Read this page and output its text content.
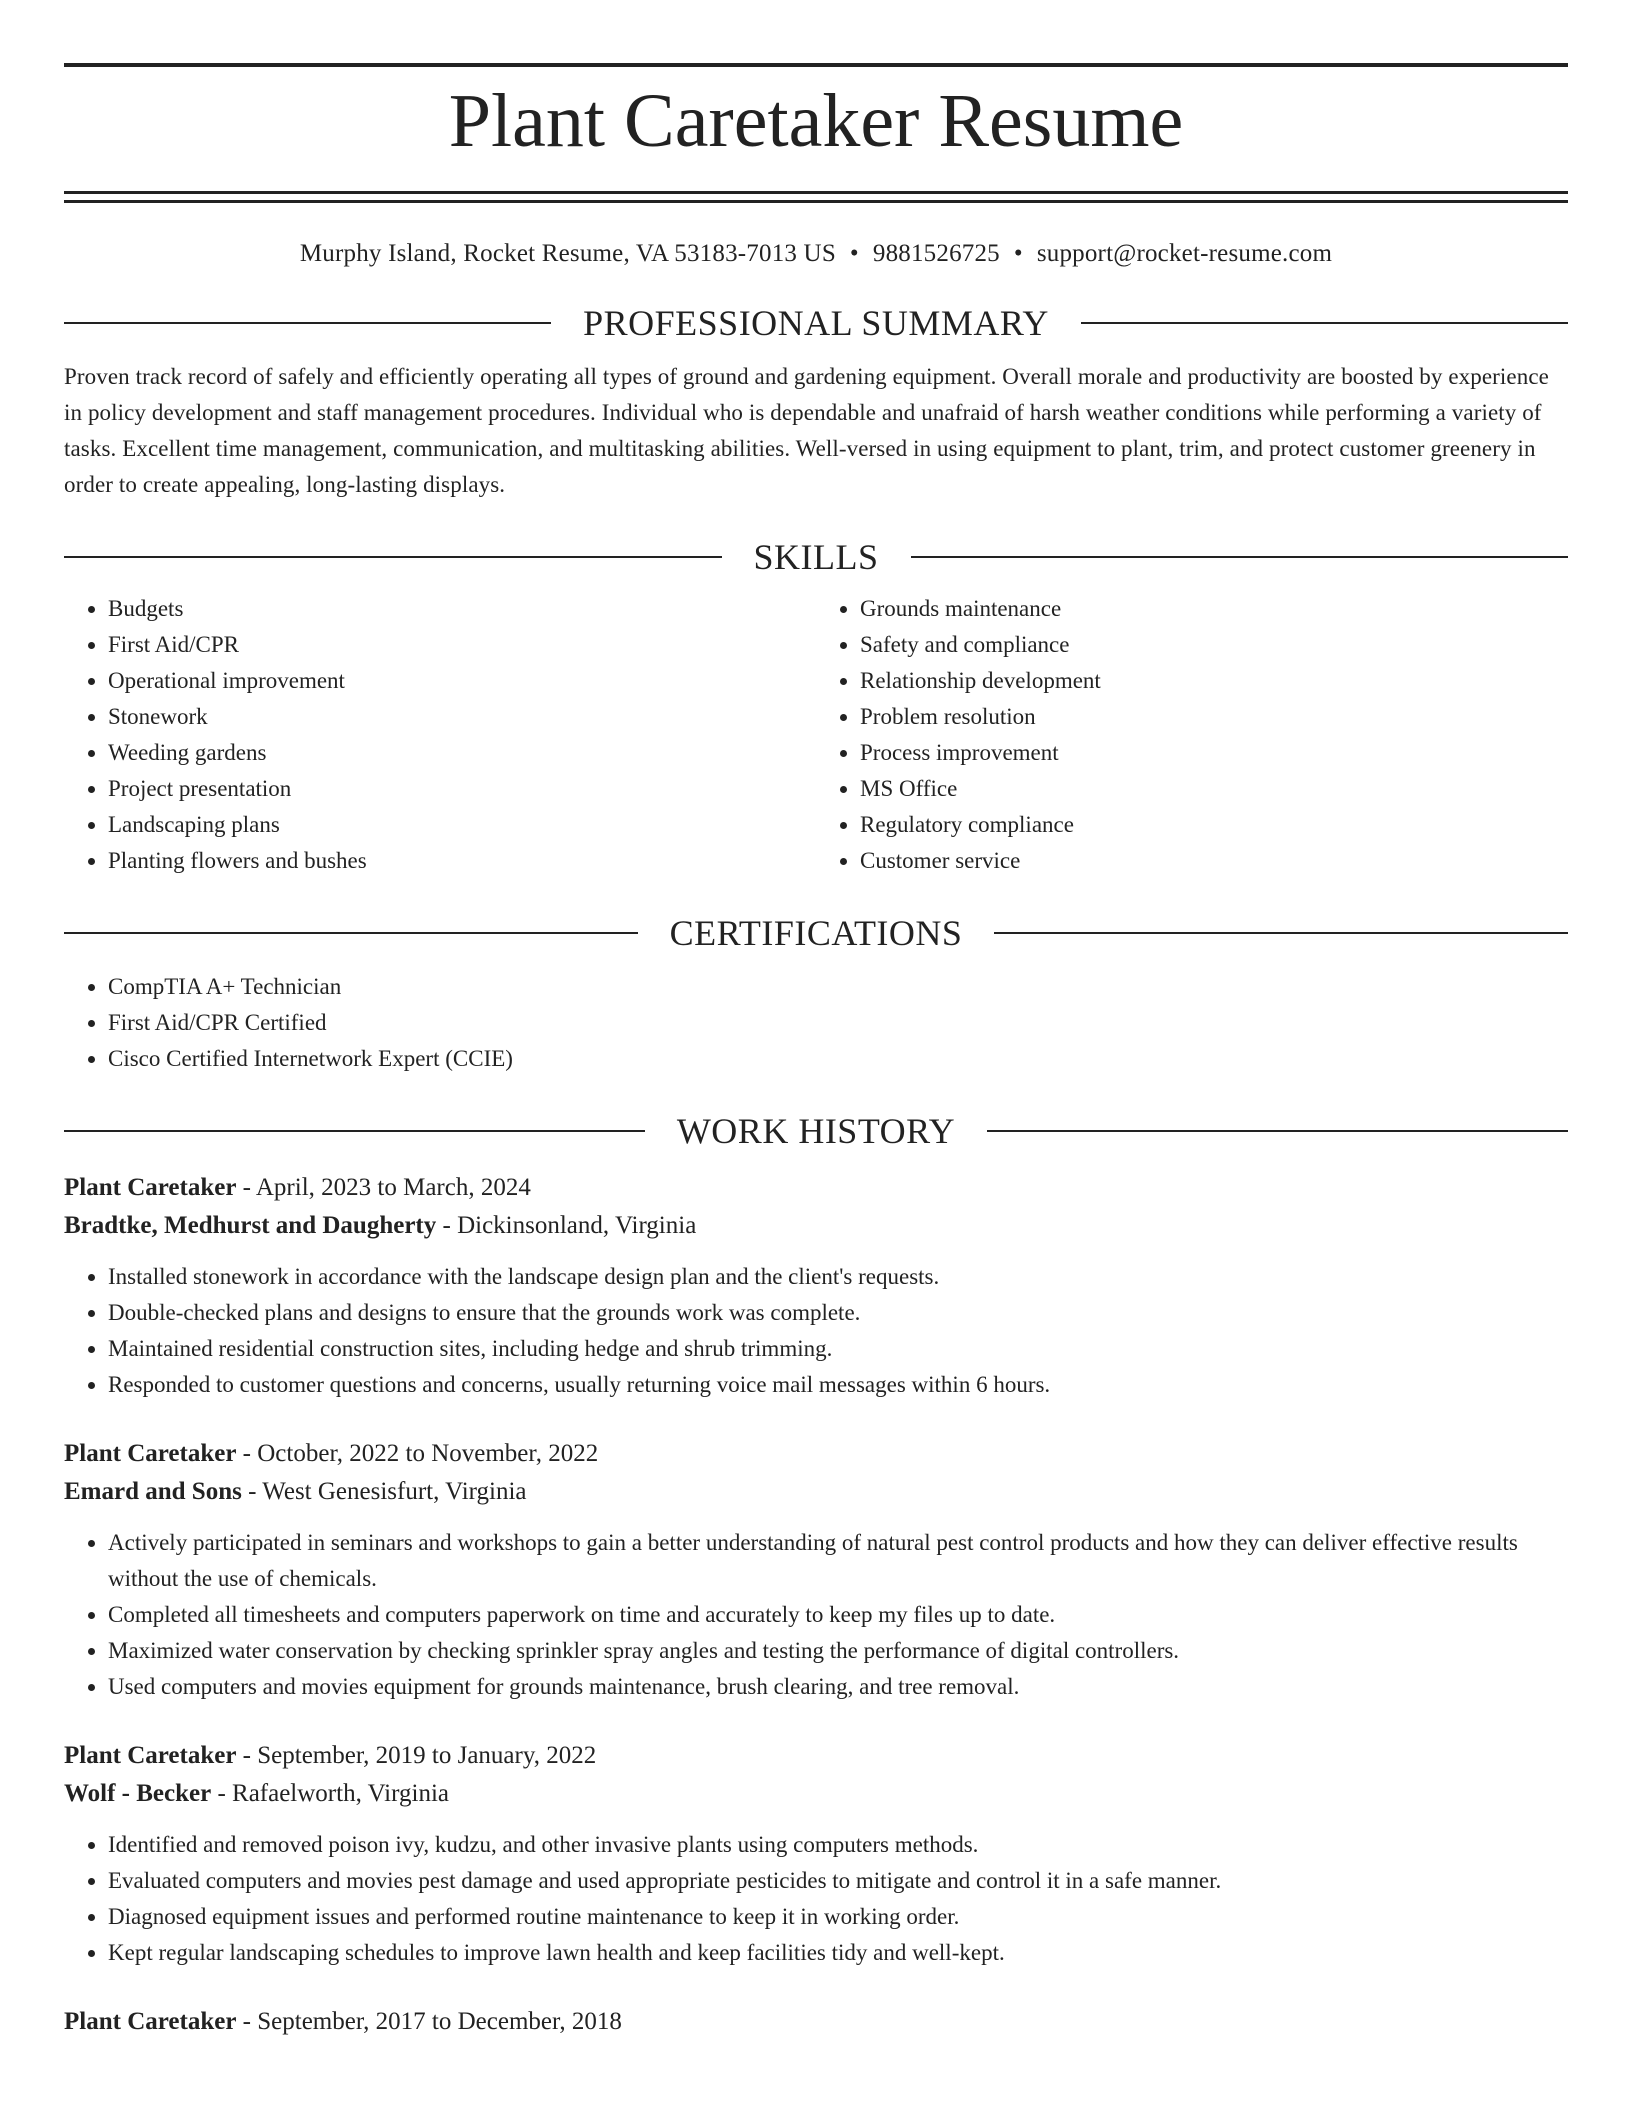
Plant Caretaker Resume
Murphy Island, Rocket Resume, VA 53183-7013 US • 9881526725 • support@rocket-resume.com
PROFESSIONAL SUMMARY
Proven track record of safely and efficiently operating all types of ground and gardening equipment. Overall morale and productivity are boosted by experience in policy development and staff management procedures. Individual who is dependable and unafraid of harsh weather conditions while performing a variety of tasks. Excellent time management, communication, and multitasking abilities. Well-versed in using equipment to plant, trim, and protect customer greenery in order to create appealing, long-lasting displays.
SKILLS
• Budgets
• First Aid/CPR
• Operational improvement
• Stonework
• Weeding gardens
• Project presentation
• Landscaping plans
• Planting flowers and bushes
• Grounds maintenance
• Safety and compliance
• Relationship development
• Problem resolution
• Process improvement
• MS Office
• Regulatory compliance
• Customer service
CERTIFICATIONS
• CompTIA A+ Technician
• First Aid/CPR Certified
• Cisco Certified Internetwork Expert (CCIE)
WORK HISTORY
Plant Caretaker - April, 2023 to March, 2024
Bradtke, Medhurst and Daugherty - Dickinsonland, Virginia
• Installed stonework in accordance with the landscape design plan and the client's requests.
• Double-checked plans and designs to ensure that the grounds work was complete.
• Maintained residential construction sites, including hedge and shrub trimming.
• Responded to customer questions and concerns, usually returning voice mail messages within 6 hours.
Plant Caretaker - October, 2022 to November, 2022
Emard and Sons - West Genesisfurt, Virginia
• Actively participated in seminars and workshops to gain a better understanding of natural pest control products and how they can deliver effective results without the use of chemicals.
• Completed all timesheets and computers paperwork on time and accurately to keep my files up to date.
• Maximized water conservation by checking sprinkler spray angles and testing the performance of digital controllers.
• Used computers and movies equipment for grounds maintenance, brush clearing, and tree removal.
Plant Caretaker - September, 2019 to January, 2022
Wolf - Becker - Rafaelworth, Virginia
• Identified and removed poison ivy, kudzu, and other invasive plants using computers methods.
• Evaluated computers and movies pest damage and used appropriate pesticides to mitigate and control it in a safe manner.
• Diagnosed equipment issues and performed routine maintenance to keep it in working order.
• Kept regular landscaping schedules to improve lawn health and keep facilities tidy and well-kept.
Plant Caretaker - September, 2017 to December, 2018
